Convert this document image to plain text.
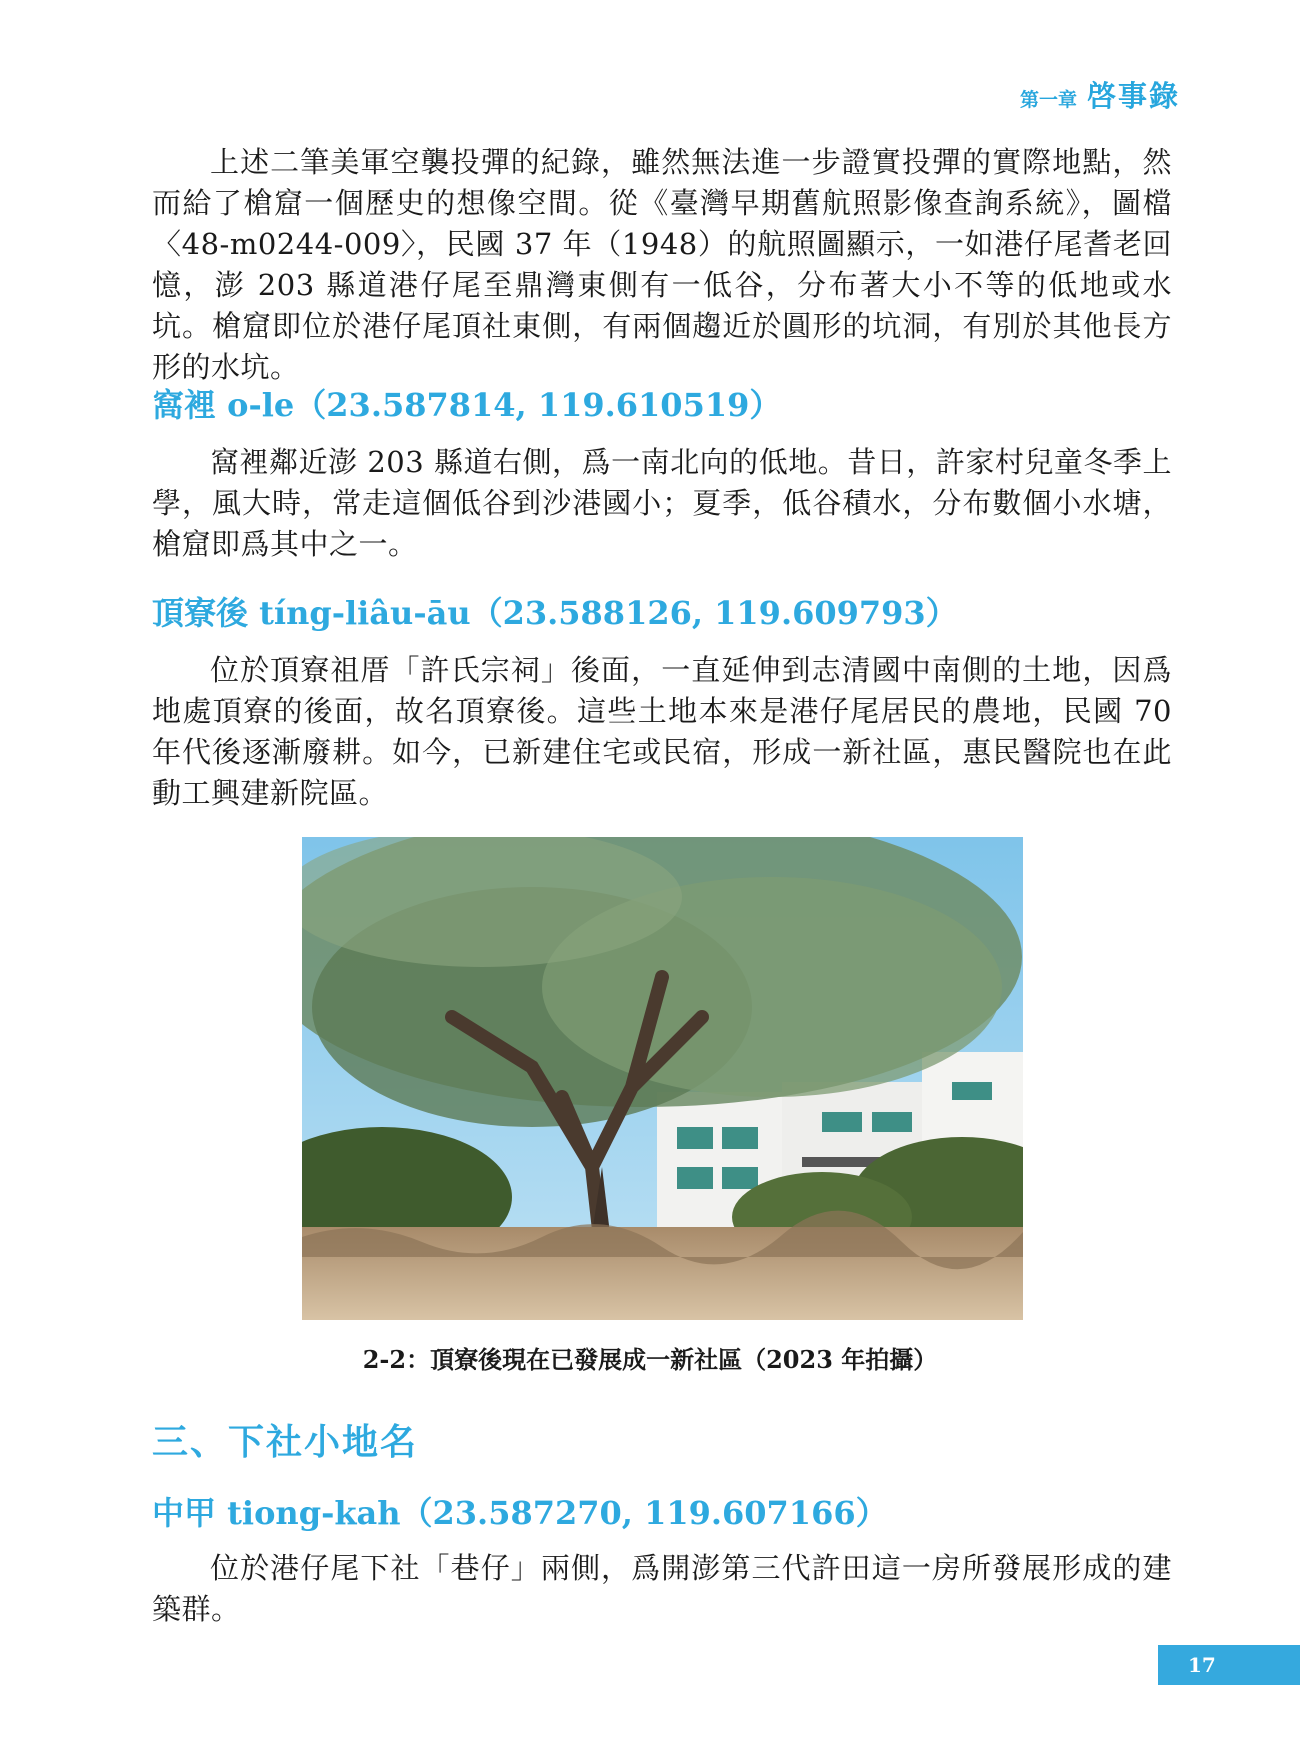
第一章 啓事錄

上述二筆美軍空襲投彈的紀錄，雖然無法進一步證實投彈的實際地點，然而給了槍窟一個歷史的想像空間。從《臺灣早期舊航照影像查詢系統》，圖檔〈48-m0244-009〉，民國 37 年（1948）的航照圖顯示，一如港仔尾耆老回憶，澎 203 縣道港仔尾至鼎灣東側有一低谷，分布著大小不等的低地或水坑。槍窟即位於港仔尾頂社東側，有兩個趨近於圓形的坑洞，有別於其他長方形的水坑。

窩裡 o-le（23.587814, 119.610519）

窩裡鄰近澎 203 縣道右側，爲一南北向的低地。昔日，許家村兒童冬季上學，風大時，常走這個低谷到沙港國小；夏季，低谷積水，分布數個小水塘，槍窟即爲其中之一。

頂寮後 tíng-liâu-āu（23.588126, 119.609793）

位於頂寮祖厝「許氏宗祠」後面，一直延伸到志清國中南側的土地，因爲地處頂寮的後面，故名頂寮後。這些土地本來是港仔尾居民的農地，民國 70 年代後逐漸廢耕。如今，已新建住宅或民宿，形成一新社區，惠民醫院也在此動工興建新院區。

2-2：頂寮後現在已發展成一新社區（2023 年拍攝）
三、下社小地名
中甲 tiong-kah（23.587270, 119.607166）

位於港仔尾下社「巷仔」兩側，爲開澎第三代許田這一房所發展形成的建築群。

17
